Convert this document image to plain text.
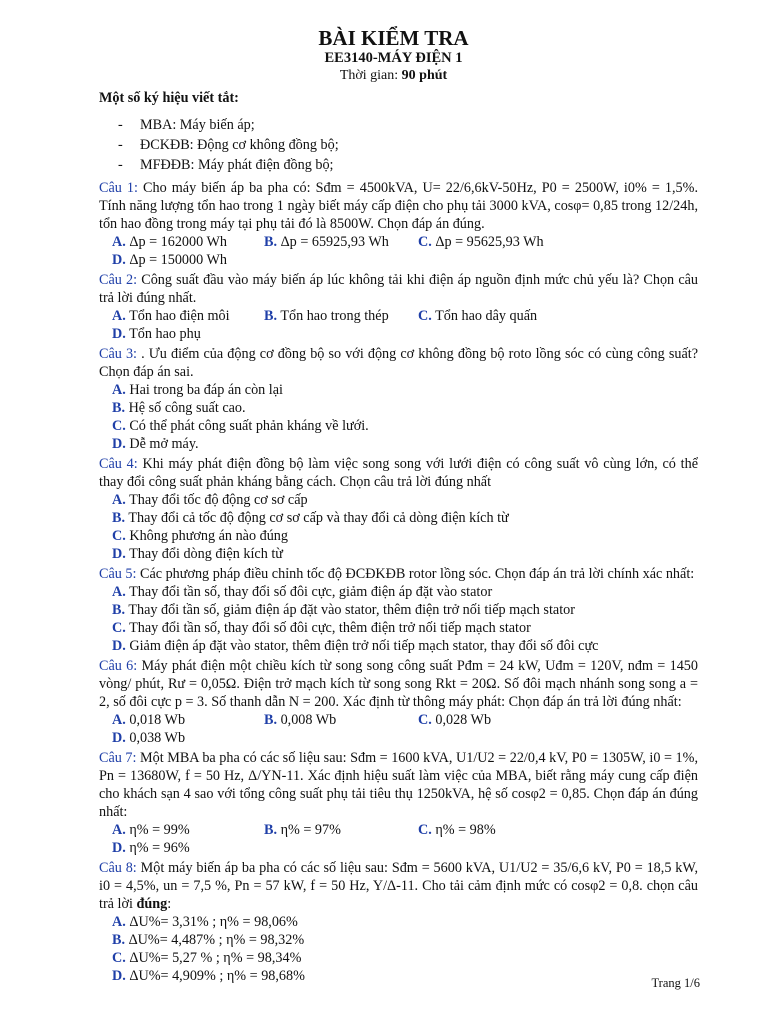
BÀI KIỂM TRA
EE3140-MÁY ĐIỆN 1
Thời gian: 90 phút
Một số ký hiệu viết tắt:
- MBA: Máy biến áp;
- ĐCKĐB: Động cơ không đồng bộ;
- MFĐĐB: Máy phát điện đồng bộ;
Câu 1: Cho máy biến áp ba pha có: Sđm = 4500kVA, U= 22/6,6kV-50Hz, P0 = 2500W, i0% = 1,5%. Tính năng lượng tổn hao trong 1 ngày biết máy cấp điện cho phụ tải 3000 kVA, cosφ= 0,85 trong 12/24h, tổn hao đồng trong máy tại phụ tải đó là 8500W. Chọn đáp án đúng.
A. Δp = 162000 Wh	B. Δp = 65925,93 Wh	C. Δp = 95625,93 Wh
D. Δp = 150000 Wh
Câu 2: Công suất đầu vào máy biến áp lúc không tải khi điện áp nguồn định mức chủ yếu là? Chọn câu trả lời đúng nhất.
A. Tổn hao điện môi	B. Tổn hao trong thép	C. Tổn hao dây quấn
D. Tổn hao phụ
Câu 3: . Ưu điểm của động cơ đồng bộ so với động cơ không đồng bộ roto lồng sóc có cùng công suất? Chọn đáp án sai.
A. Hai trong ba đáp án còn lại
B. Hệ số công suất cao.
C. Có thể phát công suất phản kháng về lưới.
D. Dễ mở máy.
Câu 4: Khi máy phát điện đồng bộ làm việc song song với lưới điện có công suất vô cùng lớn, có thể thay đổi công suất phản kháng bằng cách. Chọn câu trả lời đúng nhất
A. Thay đổi tốc độ động cơ sơ cấp
B. Thay đổi cả tốc độ động cơ sơ cấp và thay đổi cả dòng điện kích từ
C. Không phương án nào đúng
D. Thay đổi dòng điện kích từ
Câu 5: Các phương pháp điều chỉnh tốc độ ĐCĐKĐB rotor lồng sóc. Chọn đáp án trả lời chính xác nhất:
A. Thay đổi tần số, thay đổi số đôi cực, giảm điện áp đặt vào stator
B. Thay đổi tần số, giảm điện áp đặt vào stator, thêm điện trở nối tiếp mạch stator
C. Thay đổi tần số, thay đổi số đôi cực, thêm điện trở nối tiếp mạch stator
D. Giảm điện áp đặt vào stator, thêm điện trở nối tiếp mạch stator, thay đổi số đôi cực
Câu 6: Máy phát điện một chiều kích từ song song công suất Pđm = 24 kW, Uđm = 120V, nđm = 1450 vòng/ phút, Rư = 0,05Ω. Điện trở mạch kích từ song song Rkt = 20Ω. Số đôi mạch nhánh song song a = 2, số đôi cực p = 3. Số thanh dẫn N = 200. Xác định từ thông máy phát: Chọn đáp án trả lời đúng nhất:
A. 0,018 Wb	B. 0,008 Wb	C. 0,028 Wb
D. 0,038 Wb
Câu 7: Một MBA ba pha có các số liệu sau: Sđm = 1600 kVA, U1/U2 = 22/0,4 kV, P0 = 1305W, i0 = 1%, Pn = 13680W, f = 50 Hz, Δ/YN-11. Xác định hiệu suất làm việc của MBA, biết rằng máy cung cấp điện cho khách sạn 4 sao với tổng công suất phụ tải tiêu thụ 1250kVA, hệ số cosφ2 = 0,85. Chọn đáp án đúng nhất:
A. η% = 99%	B. η% = 97%	C. η% = 98%
D. η% = 96%
Câu 8: Một máy biến áp ba pha có các số liệu sau: Sđm = 5600 kVA, U1/U2 = 35/6,6 kV, P0 = 18,5 kW, i0 = 4,5%, un = 7,5 %, Pn = 57 kW, f = 50 Hz, Y/Δ-11. Cho tải cảm định mức có cosφ2 = 0,8. chọn câu trả lời đúng:
A. ΔU%= 3,31% ; η% = 98,06%
B. ΔU%= 4,487% ; η% = 98,32%
C. ΔU%= 5,27 % ; η% = 98,34%
D. ΔU%= 4,909% ; η% = 98,68%	Trang 1/6
